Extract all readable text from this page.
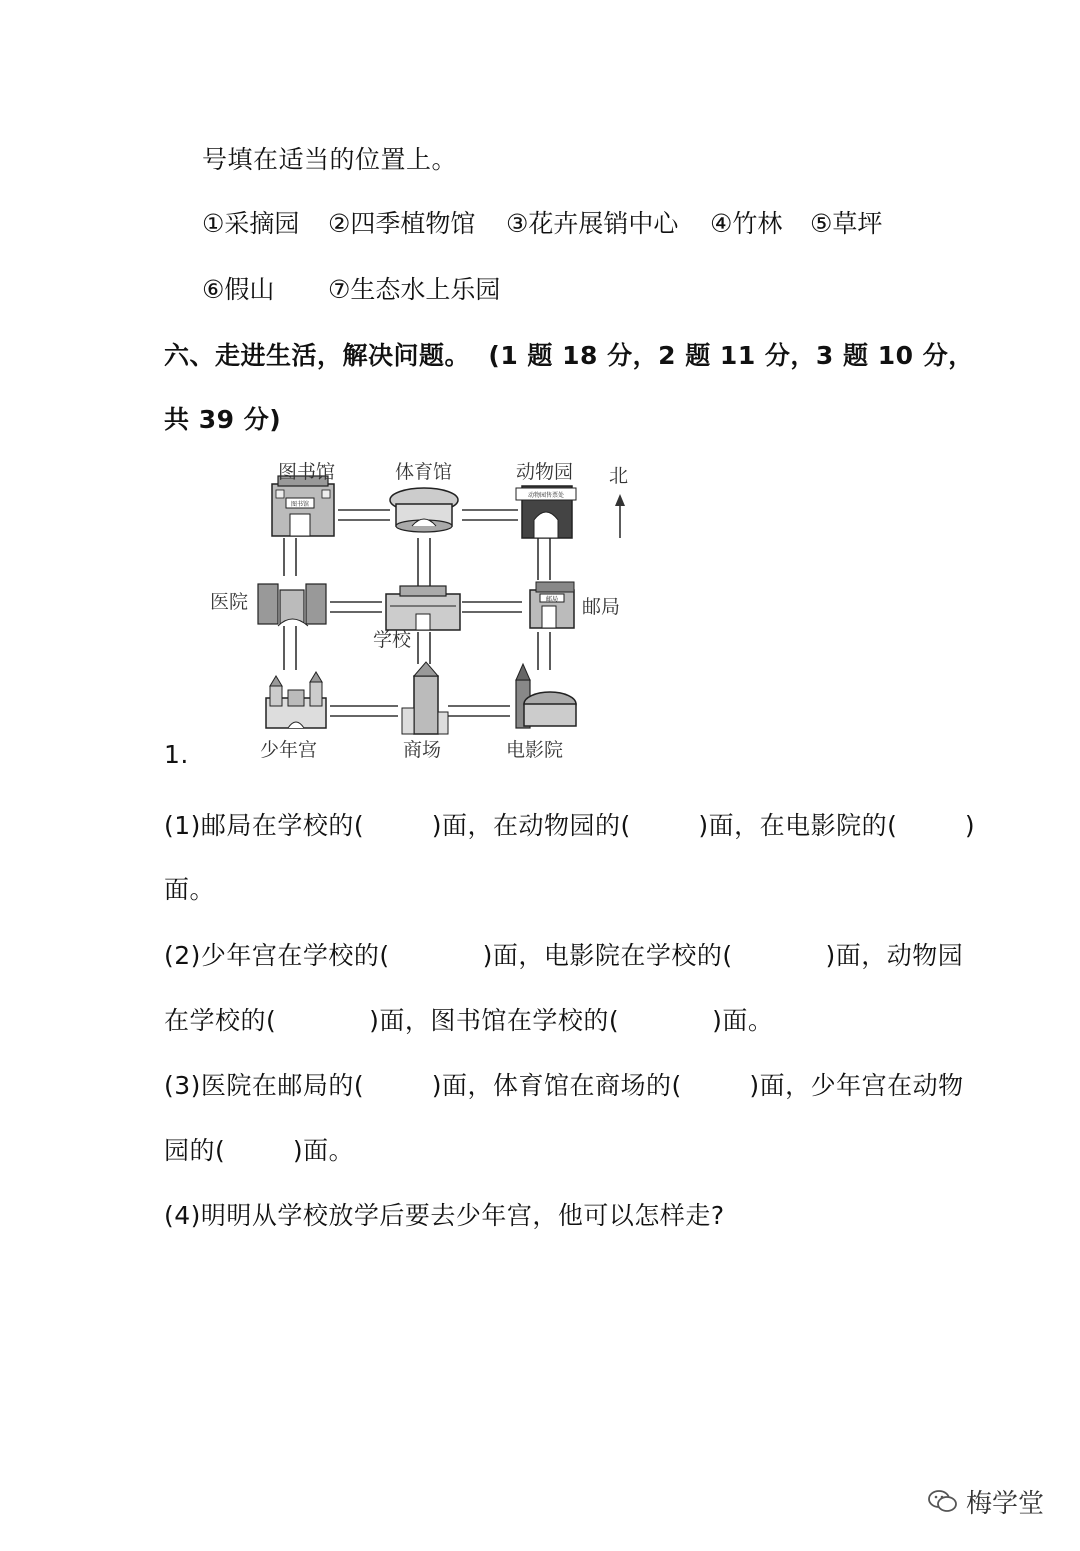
号填在适当的位置上。
①采摘园 ②四季植物馆 ③花卉展销中心 ④竹林 ⑤草坪
⑥假山 ⑦生态水上乐园
六、走进生活，解决问题。  (1 题 18 分，2 题 11 分，3 题 10 分，
共 39 分)
北
图书馆
图书馆	体育馆
动物园售票处
动物园
医院
学校
邮局 邮局
少年宫	商场	电影院
1.
(1)邮局在学校的(        )面，在动物园的(        )面，在电影院的(        )
面。
(2)少年宫在学校的(           )面，电影院在学校的(           )面，动物园
在学校的(           )面，图书馆在学校的(           )面。
(3)医院在邮局的(        )面，体育馆在商场的(        )面，少年宫在动物
园的(        )面。
(4)明明从学校放学后要去少年宫，他可以怎样走?

梅学堂
